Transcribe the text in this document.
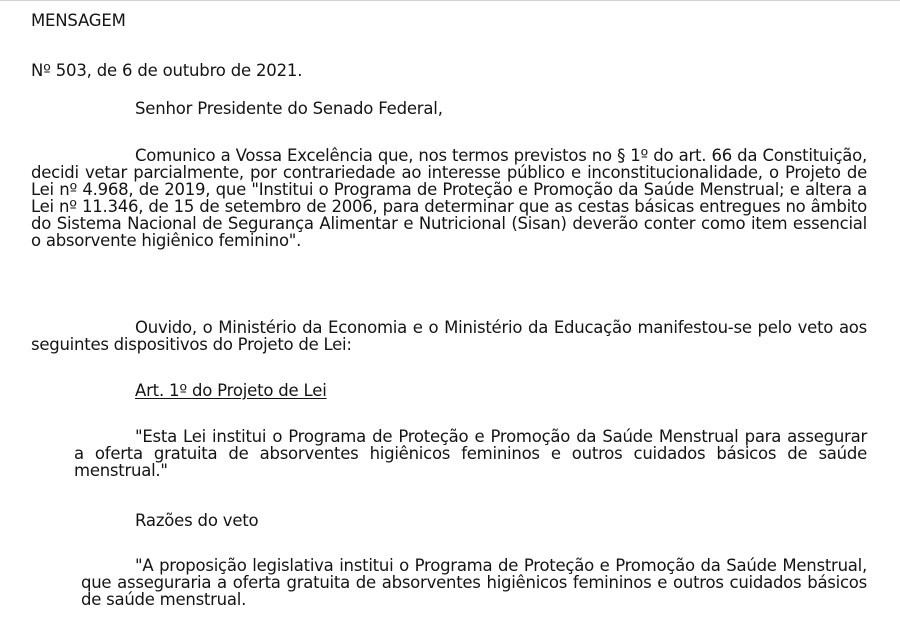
MENSAGEM

Nº 503, de 6 de outubro de 2021.

Senhor Presidente do Senado Federal,

Comunico a Vossa Excelência que, nos termos previstos no § 1º do art. 66 da Constituição, decidi vetar parcialmente, por contrariedade ao interesse público e inconstitucionalidade, o Projeto de Lei nº 4.968, de 2019, que "Institui o Programa de Proteção e Promoção da Saúde Menstrual; e altera a Lei nº 11.346, de 15 de setembro de 2006, para determinar que as cestas básicas entregues no âmbito do Sistema Nacional de Segurança Alimentar e Nutricional (Sisan) deverão conter como item essencial o absorvente higiênico feminino".

Ouvido, o Ministério da Economia e o Ministério da Educação manifestou-se pelo veto aos seguintes dispositivos do Projeto de Lei:

Art. 1º do Projeto de Lei

"Esta Lei institui o Programa de Proteção e Promoção da Saúde Menstrual para assegurar a oferta gratuita de absorventes higiênicos femininos e outros cuidados básicos de saúde menstrual."

Razões do veto

"A proposição legislativa institui o Programa de Proteção e Promoção da Saúde Menstrual, que asseguraria a oferta gratuita de absorventes higiênicos femininos e outros cuidados básicos de saúde menstrual.
